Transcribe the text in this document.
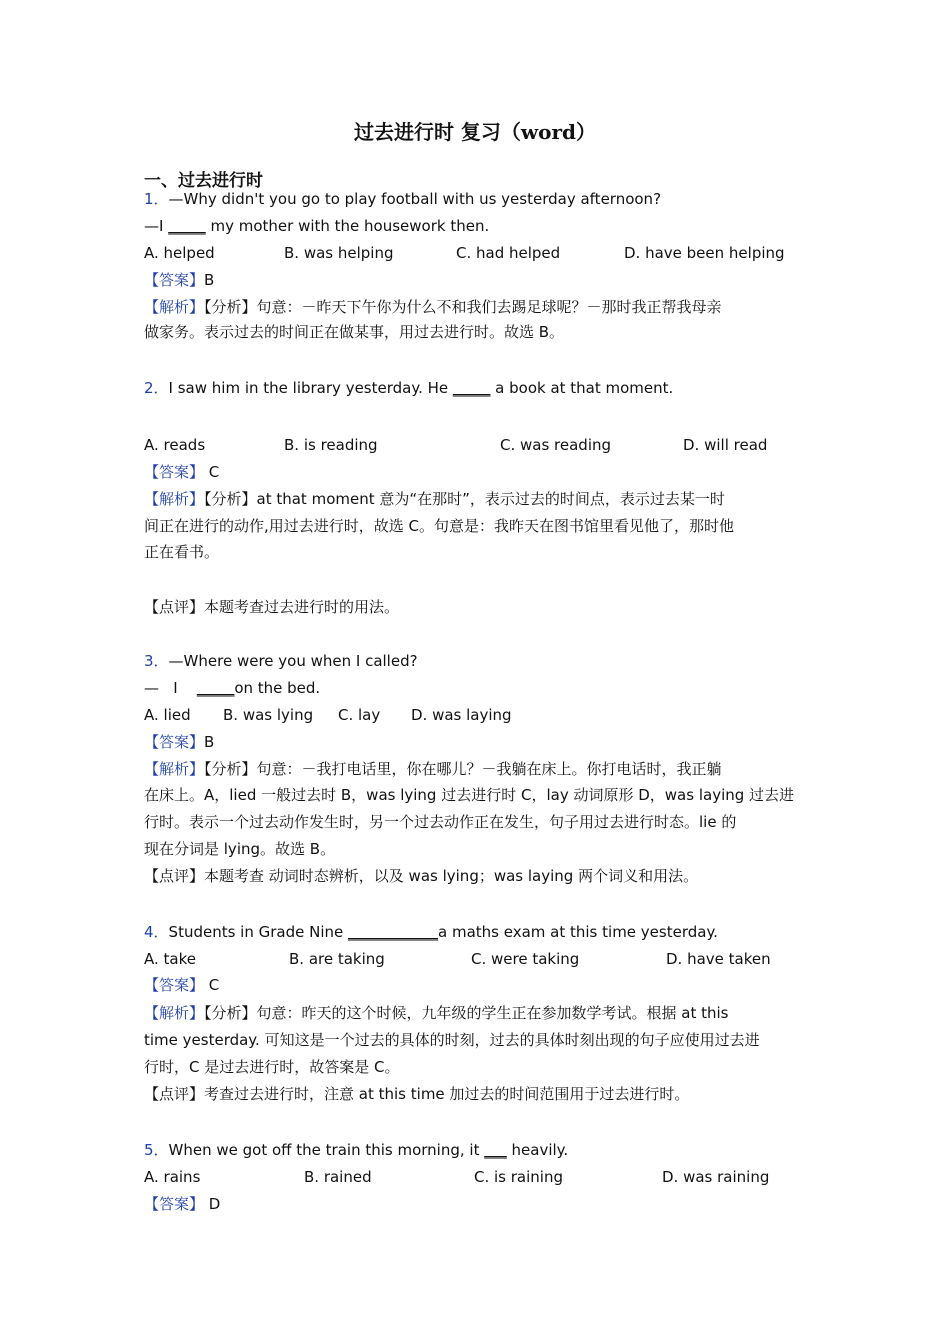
过去进行时 复习（word）
一、过去进行时
1．—Why didn't you go to play football with us yesterday afternoon?
—I _____ my mother with the housework then.
A. helped	B. was helping	C. had helped	D. have been helping
【答案】B
【解析】【分析】句意：－昨天下午你为什么不和我们去踢足球呢？－那时我正帮我母亲
做家务。表示过去的时间正在做某事，用过去进行时。故选 B。
2．I saw him in the library yesterday. He _____ a book at that moment.
A. reads	B. is reading	C. was reading	D. will read
【答案】 C
【解析】【分析】at that moment 意为“在那时”，表示过去的时间点，表示过去某一时
间正在进行的动作,用过去进行时，故选 C。句意是：我昨天在图书馆里看见他了，那时他
正在看书。
【点评】本题考查过去进行时的用法。
3．—Where were you when I called?
—   I    _____on the bed.
A. lied B. was lying C. lay D. was laying
【答案】B
【解析】【分析】句意：－我打电话里，你在哪儿？－我躺在床上。你打电话时，我正躺
在床上。A，lied 一般过去时 B，was lying 过去进行时 C，lay 动词原形 D，was laying 过去进
行时。表示一个过去动作发生时，另一个过去动作正在发生，句子用过去进行时态。lie 的
现在分词是 lying。故选 B。
【点评】本题考查 动词时态辨析，以及 was lying；was laying 两个词义和用法。
4．Students in Grade Nine ____________a maths exam at this time yesterday.
A. take	B. are taking	C. were taking	D. have taken
【答案】 C
【解析】【分析】句意：昨天的这个时候，九年级的学生正在参加数学考试。根据 at this
time yesterday. 可知这是一个过去的具体的时刻，过去的具体时刻出现的句子应使用过去进
行时，C 是过去进行时，故答案是 C。
【点评】考查过去进行时，注意 at this time 加过去的时间范围用于过去进行时。
5．When we got off the train this morning, it ___ heavily.
A. rains	B. rained	C. is raining	D. was raining
【答案】 D
